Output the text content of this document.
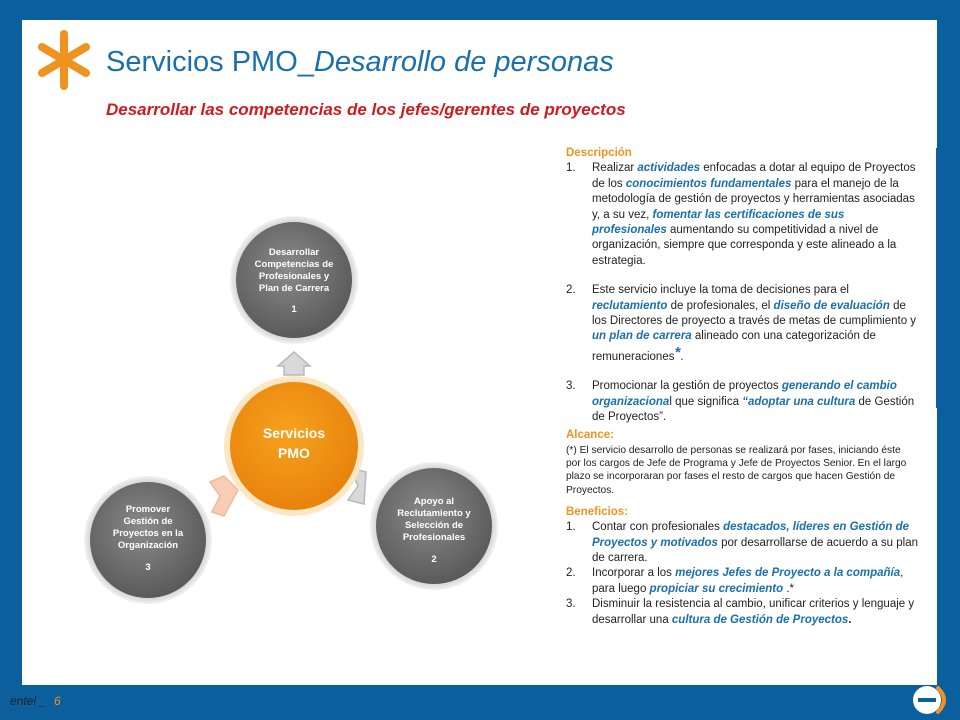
Servicios PMO_Desarrollo de personas
Desarrollar las competencias de los jefes/gerentes de proyectos
Desarrollar
Competencias de
Profesionales y
Plan de Carrera
1
Servicios
PMO
Apoyo al
Reclutamiento y
Selección de
Profesionales
2
Promover
Gestión de
Proyectos en la
Organización
3
Descripción
1. Realizar actividades enfocadas a dotar al equipo de Proyectos de los conocimientos fundamentales para el manejo de la metodología de gestión de proyectos y herramientas asociadas y, a su vez, fomentar las certificaciones de sus profesionales aumentando su competitividad a nivel de organización, siempre que corresponda y este alineado a la estrategia.
2. Este servicio incluye la toma de decisiones para el reclutamiento de profesionales, el diseño de evaluación de los Directores de proyecto a través de metas de cumplimiento y un plan de carrera alineado con una categorización de remuneraciones*.
3. Promocionar la gestión de proyectos generando el cambio organizacional que significa “adoptar una cultura de Gestión de Proyectos”.
Alcance:
(*) El servicio desarrollo de personas se realizará por fases, iniciando éste por los cargos de Jefe de Programa y Jefe de Proyectos Senior. En el largo plazo se incorporaran por fases el resto de cargos que hacen Gestión de Proyectos.
Beneficios:
1. Contar con profesionales destacados, líderes en Gestión de Proyectos y motivados por desarrollarse de acuerdo a su plan de carrera.
2. Incorporar a los mejores Jefes de Proyecto a la compañía, para luego propiciar su crecimiento .*
3. Disminuir la resistencia al cambio, unificar criterios y lenguaje y desarrollar una cultura de Gestión de Proyectos.
entel _ 6
